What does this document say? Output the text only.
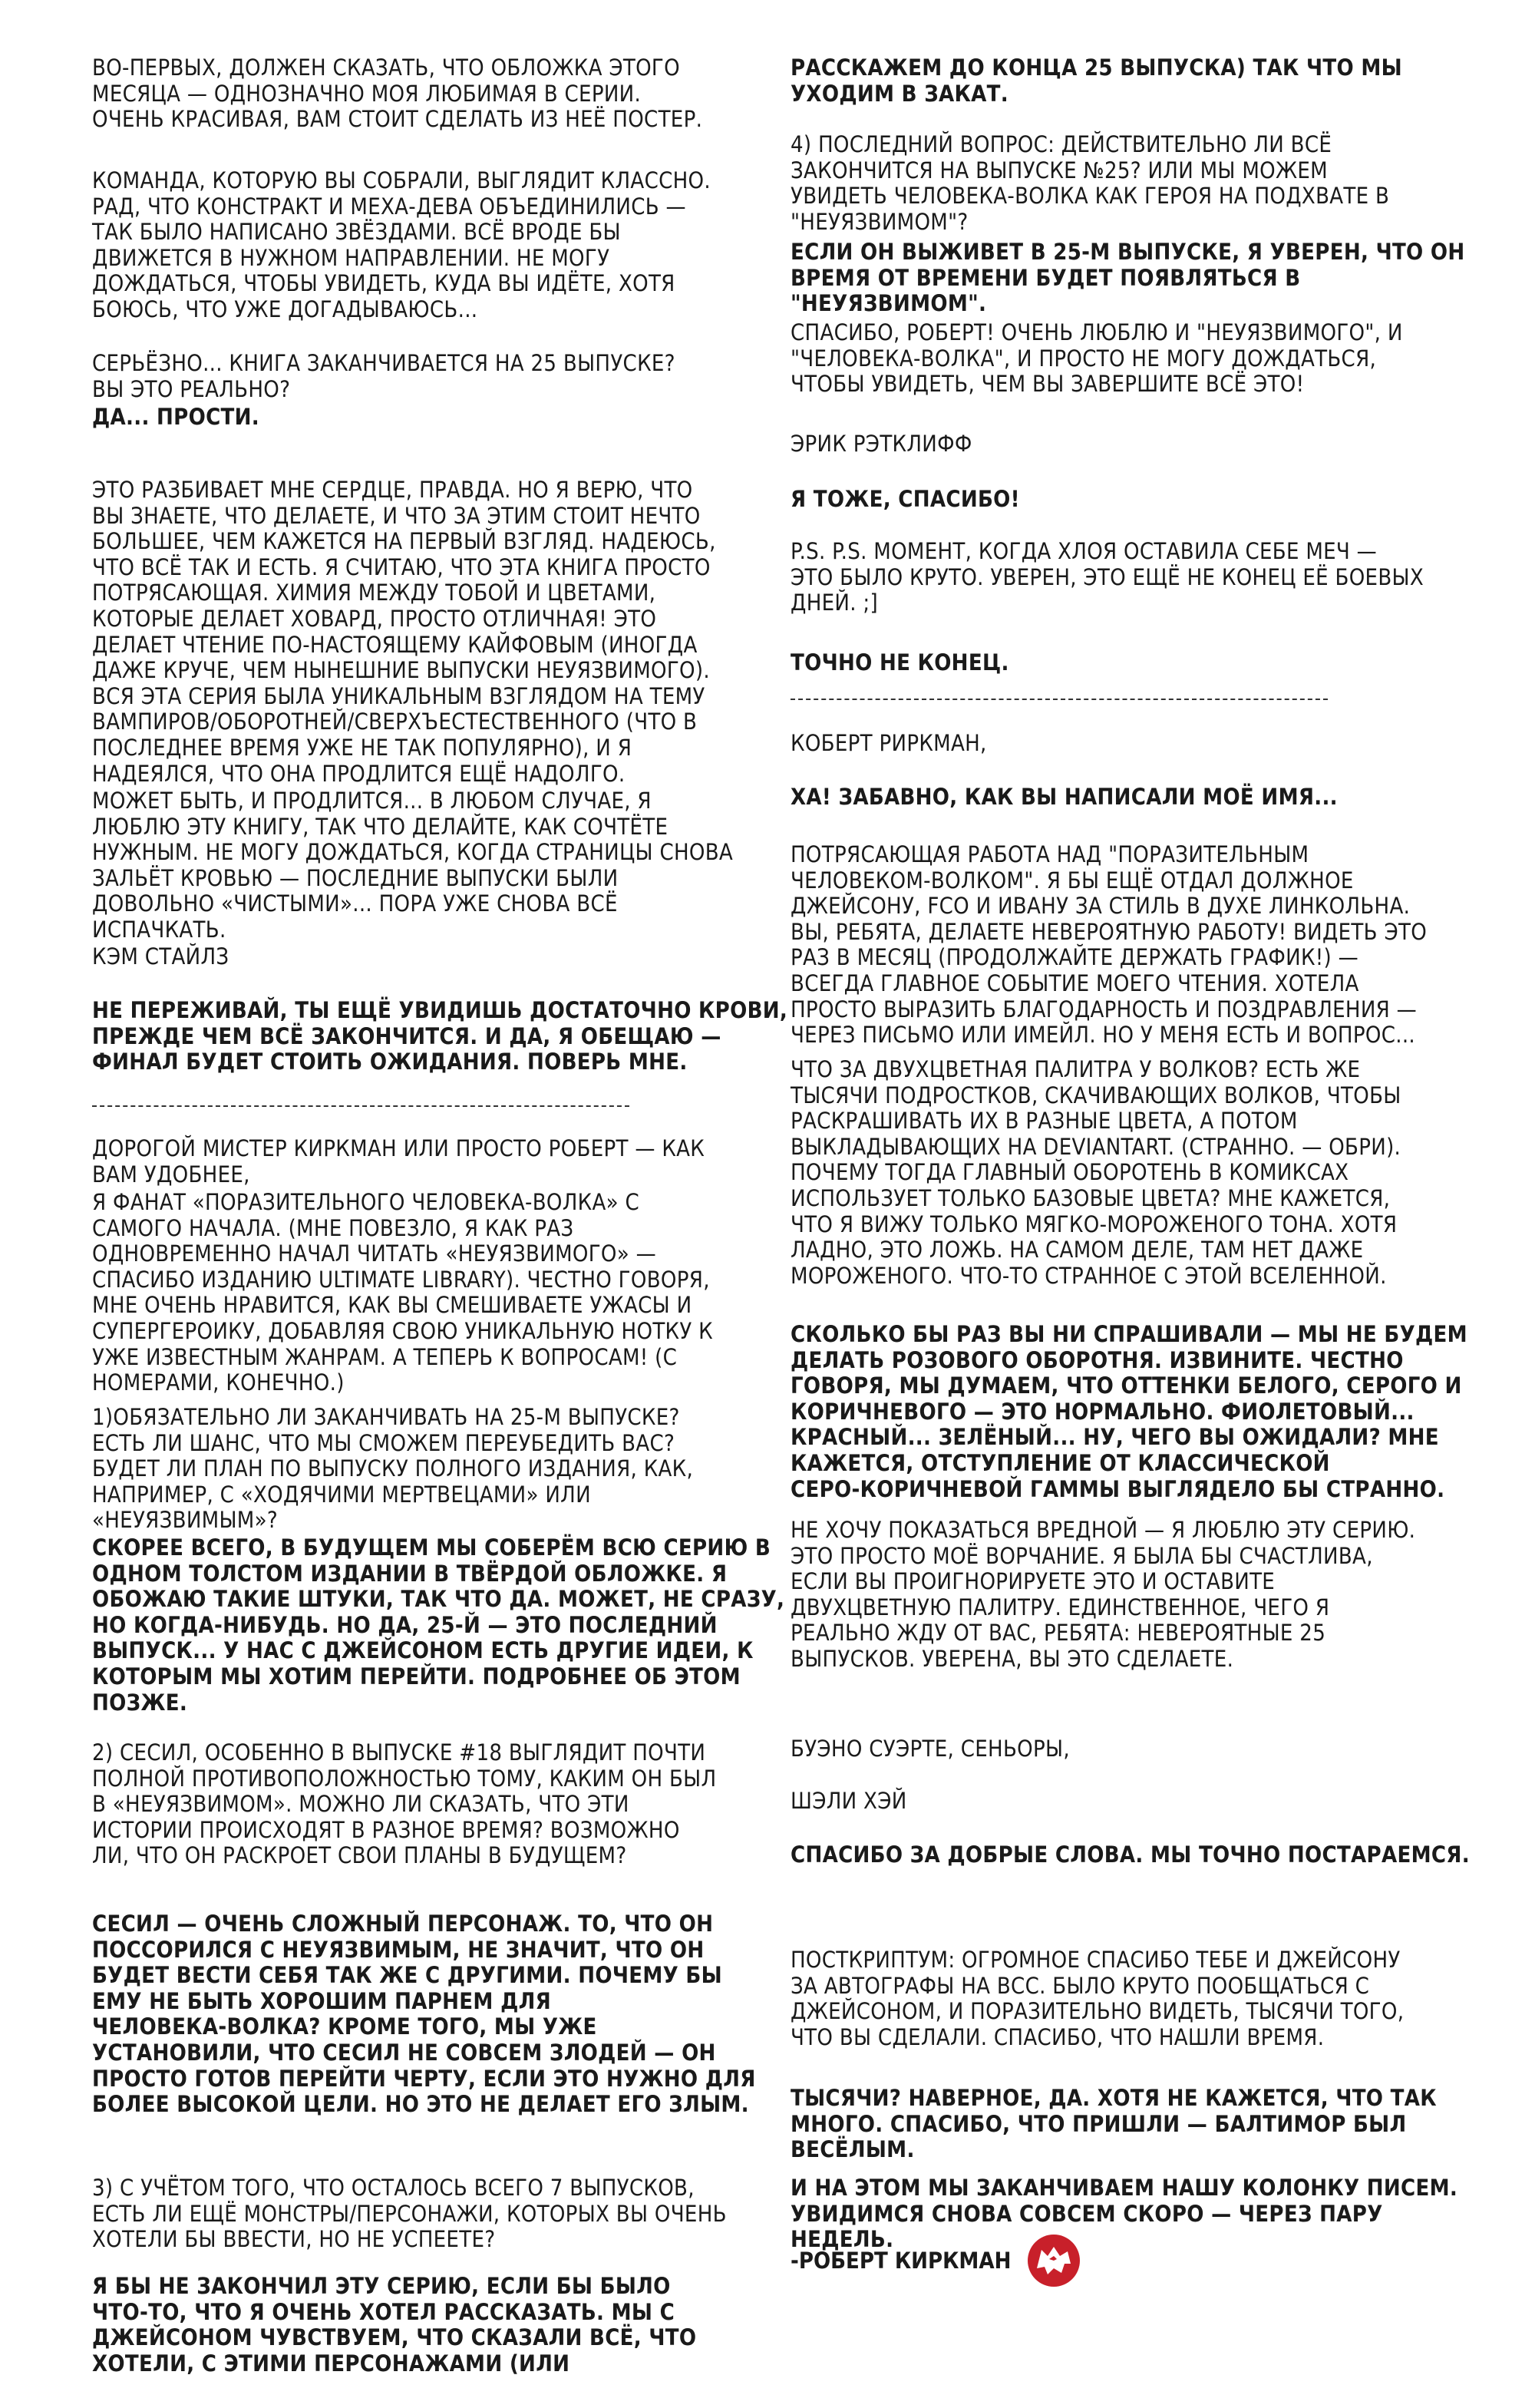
ВО-ПЕРВЫХ, ДОЛЖЕН СКАЗАТЬ, ЧТО ОБЛОЖКА ЭТОГО
МЕСЯЦА — ОДНОЗНАЧНО МОЯ ЛЮБИМАЯ В СЕРИИ.
ОЧЕНЬ КРАСИВАЯ, ВАМ СТОИТ СДЕЛАТЬ ИЗ НЕЁ ПОСТЕР.

КОМАНДА, КОТОРУЮ ВЫ СОБРАЛИ, ВЫГЛЯДИТ КЛАССНО.
РАД, ЧТО КОНСТРАКТ И МЕХА-ДЕВА ОБЪЕДИНИЛИСЬ —
ТАК БЫЛО НАПИСАНО ЗВЁЗДАМИ. ВСЁ ВРОДЕ БЫ
ДВИЖЕТСЯ В НУЖНОМ НАПРАВЛЕНИИ. НЕ МОГУ
ДОЖДАТЬСЯ, ЧТОБЫ УВИДЕТЬ, КУДА ВЫ ИДЁТЕ, ХОТЯ
БОЮСЬ, ЧТО УЖЕ ДОГАДЫВАЮСЬ...

СЕРЬЁЗНО... КНИГА ЗАКАНЧИВАЕТСЯ НА 25 ВЫПУСКЕ?
ВЫ ЭТО РЕАЛЬНО?

ДА... ПРОСТИ.

ЭТО РАЗБИВАЕТ МНЕ СЕРДЦЕ, ПРАВДА. НО Я ВЕРЮ, ЧТО
ВЫ ЗНАЕТЕ, ЧТО ДЕЛАЕТЕ, И ЧТО ЗА ЭТИМ СТОИТ НЕЧТО
БОЛЬШЕЕ, ЧЕМ КАЖЕТСЯ НА ПЕРВЫЙ ВЗГЛЯД. НАДЕЮСЬ,
ЧТО ВСЁ ТАК И ЕСТЬ. Я СЧИТАЮ, ЧТО ЭТА КНИГА ПРОСТО
ПОТРЯСАЮЩАЯ. ХИМИЯ МЕЖДУ ТОБОЙ И ЦВЕТАМИ,
КОТОРЫЕ ДЕЛАЕТ ХОВАРД, ПРОСТО ОТЛИЧНАЯ! ЭТО
ДЕЛАЕТ ЧТЕНИЕ ПО-НАСТОЯЩЕМУ КАЙФОВЫМ (ИНОГДА
ДАЖЕ КРУЧЕ, ЧЕМ НЫНЕШНИЕ ВЫПУСКИ НЕУЯЗВИМОГО).
ВСЯ ЭТА СЕРИЯ БЫЛА УНИКАЛЬНЫМ ВЗГЛЯДОМ НА ТЕМУ
ВАМПИРОВ/ОБОРОТНЕЙ/СВЕРХЪЕСТЕСТВЕННОГО (ЧТО В
ПОСЛЕДНЕЕ ВРЕМЯ УЖЕ НЕ ТАК ПОПУЛЯРНО), И Я
НАДЕЯЛСЯ, ЧТО ОНА ПРОДЛИТСЯ ЕЩЁ НАДОЛГО.

МОЖЕТ БЫТЬ, И ПРОДЛИТСЯ... В ЛЮБОМ СЛУЧАЕ, Я
ЛЮБЛЮ ЭТУ КНИГУ, ТАК ЧТО ДЕЛАЙТЕ, КАК СОЧТЁТЕ
НУЖНЫМ. НЕ МОГУ ДОЖДАТЬСЯ, КОГДА СТРАНИЦЫ СНОВА
ЗАЛЬЁТ КРОВЬЮ — ПОСЛЕДНИЕ ВЫПУСКИ БЫЛИ
ДОВОЛЬНО «ЧИСТЫМИ»... ПОРА УЖЕ СНОВА ВСЁ
ИСПАЧКАТЬ.

КЭМ СТАЙЛЗ

НЕ ПЕРЕЖИВАЙ, ТЫ ЕЩЁ УВИДИШЬ ДОСТАТОЧНО КРОВИ,
ПРЕЖДЕ ЧЕМ ВСЁ ЗАКОНЧИТСЯ. И ДА, Я ОБЕЩАЮ —
ФИНАЛ БУДЕТ СТОИТЬ ОЖИДАНИЯ. ПОВЕРЬ МНЕ.

ДОРОГОЙ МИСТЕР КИРКМАН ИЛИ ПРОСТО РОБЕРТ — КАК
ВАМ УДОБНЕЕ,

Я ФАНАТ «ПОРАЗИТЕЛЬНОГО ЧЕЛОВЕКА-ВОЛКА» С
САМОГО НАЧАЛА. (МНЕ ПОВЕЗЛО, Я КАК РАЗ
ОДНОВРЕМЕННО НАЧАЛ ЧИТАТЬ «НЕУЯЗВИМОГО» —
СПАСИБО ИЗДАНИЮ ULTIMATE LIBRARY). ЧЕСТНО ГОВОРЯ,
МНЕ ОЧЕНЬ НРАВИТСЯ, КАК ВЫ СМЕШИВАЕТЕ УЖАСЫ И
СУПЕРГЕРОИКУ, ДОБАВЛЯЯ СВОЮ УНИКАЛЬНУЮ НОТКУ К
УЖЕ ИЗВЕСТНЫМ ЖАНРАМ. А ТЕПЕРЬ К ВОПРОСАМ! (С
НОМЕРАМИ, КОНЕЧНО.)

1)ОБЯЗАТЕЛЬНО ЛИ ЗАКАНЧИВАТЬ НА 25-М ВЫПУСКЕ?
ЕСТЬ ЛИ ШАНС, ЧТО МЫ СМОЖЕМ ПЕРЕУБЕДИТЬ ВАС?
БУДЕТ ЛИ ПЛАН ПО ВЫПУСКУ ПОЛНОГО ИЗДАНИЯ, КАК,
НАПРИМЕР, С «ХОДЯЧИМИ МЕРТВЕЦАМИ» ИЛИ
«НЕУЯЗВИМЫМ»?

СКОРЕЕ ВСЕГО, В БУДУЩЕМ МЫ СОБЕРЁМ ВСЮ СЕРИЮ В
ОДНОМ ТОЛСТОМ ИЗДАНИИ В ТВЁРДОЙ ОБЛОЖКЕ. Я
ОБОЖАЮ ТАКИЕ ШТУКИ, ТАК ЧТО ДА. МОЖЕТ, НЕ СРАЗУ,
НО КОГДА-НИБУДЬ. НО ДА, 25-Й — ЭТО ПОСЛЕДНИЙ
ВЫПУСК... У НАС С ДЖЕЙСОНОМ ЕСТЬ ДРУГИЕ ИДЕИ, К
КОТОРЫМ МЫ ХОТИМ ПЕРЕЙТИ. ПОДРОБНЕЕ ОБ ЭТОМ
ПОЗЖЕ.

2) СЕСИЛ, ОСОБЕННО В ВЫПУСКЕ #18 ВЫГЛЯДИТ ПОЧТИ
ПОЛНОЙ ПРОТИВОПОЛОЖНОСТЬЮ ТОМУ, КАКИМ ОН БЫЛ
В «НЕУЯЗВИМОМ». МОЖНО ЛИ СКАЗАТЬ, ЧТО ЭТИ
ИСТОРИИ ПРОИСХОДЯТ В РАЗНОЕ ВРЕМЯ? ВОЗМОЖНО
ЛИ, ЧТО ОН РАСКРОЕТ СВОИ ПЛАНЫ В БУДУЩЕМ?

СЕСИЛ — ОЧЕНЬ СЛОЖНЫЙ ПЕРСОНАЖ. ТО, ЧТО ОН
ПОССОРИЛСЯ С НЕУЯЗВИМЫМ, НЕ ЗНАЧИТ, ЧТО ОН
БУДЕТ ВЕСТИ СЕБЯ ТАК ЖЕ С ДРУГИМИ. ПОЧЕМУ БЫ
ЕМУ НЕ БЫТЬ ХОРОШИМ ПАРНЕМ ДЛЯ
ЧЕЛОВЕКА-ВОЛКА? КРОМЕ ТОГО, МЫ УЖЕ
УСТАНОВИЛИ, ЧТО СЕСИЛ НЕ СОВСЕМ ЗЛОДЕЙ — ОН
ПРОСТО ГОТОВ ПЕРЕЙТИ ЧЕРТУ, ЕСЛИ ЭТО НУЖНО ДЛЯ
БОЛЕЕ ВЫСОКОЙ ЦЕЛИ. НО ЭТО НЕ ДЕЛАЕТ ЕГО ЗЛЫМ.

3) С УЧЁТОМ ТОГО, ЧТО ОСТАЛОСЬ ВСЕГО 7 ВЫПУСКОВ,
ЕСТЬ ЛИ ЕЩЁ МОНСТРЫ/ПЕРСОНАЖИ, КОТОРЫХ ВЫ ОЧЕНЬ
ХОТЕЛИ БЫ ВВЕСТИ, НО НЕ УСПЕЕТЕ?

Я БЫ НЕ ЗАКОНЧИЛ ЭТУ СЕРИЮ, ЕСЛИ БЫ БЫЛО
ЧТО-ТО, ЧТО Я ОЧЕНЬ ХОТЕЛ РАССКАЗАТЬ. МЫ С
ДЖЕЙСОНОМ ЧУВСТВУЕМ, ЧТО СКАЗАЛИ ВСЁ, ЧТО
ХОТЕЛИ, С ЭТИМИ ПЕРСОНАЖАМИ (ИЛИ

РАССКАЖЕМ ДО КОНЦА 25 ВЫПУСКА) ТАК ЧТО МЫ
УХОДИМ В ЗАКАТ.

4) ПОСЛЕДНИЙ ВОПРОС: ДЕЙСТВИТЕЛЬНО ЛИ ВСЁ
ЗАКОНЧИТСЯ НА ВЫПУСКЕ №25? ИЛИ МЫ МОЖЕМ
УВИДЕТЬ ЧЕЛОВЕКА-ВОЛКА КАК ГЕРОЯ НА ПОДХВАТЕ В
"НЕУЯЗВИМОМ"?

ЕСЛИ ОН ВЫЖИВЕТ В 25-М ВЫПУСКЕ, Я УВЕРЕН, ЧТО ОН
ВРЕМЯ ОТ ВРЕМЕНИ БУДЕТ ПОЯВЛЯТЬСЯ В
"НЕУЯЗВИМОМ".

СПАСИБО, РОБЕРТ! ОЧЕНЬ ЛЮБЛЮ И "НЕУЯЗВИМОГО", И
"ЧЕЛОВЕКА-ВОЛКА", И ПРОСТО НЕ МОГУ ДОЖДАТЬСЯ,
ЧТОБЫ УВИДЕТЬ, ЧЕМ ВЫ ЗАВЕРШИТЕ ВСЁ ЭТО!

ЭРИК РЭТКЛИФФ

Я ТОЖЕ, СПАСИБО!

P.S. P.S. МОМЕНТ, КОГДА ХЛОЯ ОСТАВИЛА СЕБЕ МЕЧ —
ЭТО БЫЛО КРУТО. УВЕРЕН, ЭТО ЕЩЁ НЕ КОНЕЦ ЕЁ БОЕВЫХ
ДНЕЙ. ;]

ТОЧНО НЕ КОНЕЦ.

КОБЕРТ РИРКМАН,

ХА! ЗАБАВНО, КАК ВЫ НАПИСАЛИ МОЁ ИМЯ...

ПОТРЯСАЮЩАЯ РАБОТА НАД "ПОРАЗИТЕЛЬНЫМ
ЧЕЛОВЕКОМ-ВОЛКОМ". Я БЫ ЕЩЁ ОТДАЛ ДОЛЖНОЕ
ДЖЕЙСОНУ, FCO И ИВАНУ ЗА СТИЛЬ В ДУХЕ ЛИНКОЛЬНА.
ВЫ, РЕБЯТА, ДЕЛАЕТЕ НЕВЕРОЯТНУЮ РАБОТУ! ВИДЕТЬ ЭТО
РАЗ В МЕСЯЦ (ПРОДОЛЖАЙТЕ ДЕРЖАТЬ ГРАФИК!) —
ВСЕГДА ГЛАВНОЕ СОБЫТИЕ МОЕГО ЧТЕНИЯ. ХОТЕЛА
ПРОСТО ВЫРАЗИТЬ БЛАГОДАРНОСТЬ И ПОЗДРАВЛЕНИЯ —
ЧЕРЕЗ ПИСЬМО ИЛИ ИМЕЙЛ. НО У МЕНЯ ЕСТЬ И ВОПРОС...

ЧТО ЗА ДВУХЦВЕТНАЯ ПАЛИТРА У ВОЛКОВ? ЕСТЬ ЖЕ
ТЫСЯЧИ ПОДРОСТКОВ, СКАЧИВАЮЩИХ ВОЛКОВ, ЧТОБЫ
РАСКРАШИВАТЬ ИХ В РАЗНЫЕ ЦВЕТА, А ПОТОМ
ВЫКЛАДЫВАЮЩИХ НА DEVIANTART. (СТРАННО. — ОБРИ).
ПОЧЕМУ ТОГДА ГЛАВНЫЙ ОБОРОТЕНЬ В КОМИКСАХ
ИСПОЛЬЗУЕТ ТОЛЬКО БАЗОВЫЕ ЦВЕТА? МНЕ КАЖЕТСЯ,
ЧТО Я ВИЖУ ТОЛЬКО МЯГКО-МОРОЖЕНОГО ТОНА. ХОТЯ
ЛАДНО, ЭТО ЛОЖЬ. НА САМОМ ДЕЛЕ, ТАМ НЕТ ДАЖЕ
МОРОЖЕНОГО. ЧТО-ТО СТРАННОЕ С ЭТОЙ ВСЕЛЕННОЙ.

СКОЛЬКО БЫ РАЗ ВЫ НИ СПРАШИВАЛИ — МЫ НЕ БУДЕМ
ДЕЛАТЬ РОЗОВОГО ОБОРОТНЯ. ИЗВИНИТЕ. ЧЕСТНО
ГОВОРЯ, МЫ ДУМАЕМ, ЧТО ОТТЕНКИ БЕЛОГО, СЕРОГО И
КОРИЧНЕВОГО — ЭТО НОРМАЛЬНО. ФИОЛЕТОВЫЙ...
КРАСНЫЙ... ЗЕЛЁНЫЙ... НУ, ЧЕГО ВЫ ОЖИДАЛИ? МНЕ
КАЖЕТСЯ, ОТСТУПЛЕНИЕ ОТ КЛАССИЧЕСКОЙ
СЕРО-КОРИЧНЕВОЙ ГАММЫ ВЫГЛЯДЕЛО БЫ СТРАННО.

НЕ ХОЧУ ПОКАЗАТЬСЯ ВРЕДНОЙ — Я ЛЮБЛЮ ЭТУ СЕРИЮ.
ЭТО ПРОСТО МОЁ ВОРЧАНИЕ. Я БЫЛА БЫ СЧАСТЛИВА,
ЕСЛИ ВЫ ПРОИГНОРИРУЕТЕ ЭТО И ОСТАВИТЕ
ДВУХЦВЕТНУЮ ПАЛИТРУ. ЕДИНСТВЕННОЕ, ЧЕГО Я
РЕАЛЬНО ЖДУ ОТ ВАС, РЕБЯТА: НЕВЕРОЯТНЫЕ 25
ВЫПУСКОВ. УВЕРЕНА, ВЫ ЭТО СДЕЛАЕТЕ.

БУЭНО СУЭРТЕ, СЕНЬОРЫ,

ШЭЛИ ХЭЙ

СПАСИБО ЗА ДОБРЫЕ СЛОВА. МЫ ТОЧНО ПОСТАРАЕМСЯ.

ПОСТКРИПТУМ: ОГРОМНОЕ СПАСИБО ТЕБЕ И ДЖЕЙСОНУ
ЗА АВТОГРАФЫ НА ВСС. БЫЛО КРУТО ПООБЩАТЬСЯ С
ДЖЕЙСОНОМ, И ПОРАЗИТЕЛЬНО ВИДЕТЬ, ТЫСЯЧИ ТОГО,
ЧТО ВЫ СДЕЛАЛИ. СПАСИБО, ЧТО НАШЛИ ВРЕМЯ.

ТЫСЯЧИ? НАВЕРНОЕ, ДА. ХОТЯ НЕ КАЖЕТСЯ, ЧТО ТАК
МНОГО. СПАСИБО, ЧТО ПРИШЛИ — БАЛТИМОР БЫЛ
ВЕСЁЛЫМ.

И НА ЭТОМ МЫ ЗАКАНЧИВАЕМ НАШУ КОЛОНКУ ПИСЕМ.
УВИДИМСЯ СНОВА СОВСЕМ СКОРО — ЧЕРЕЗ ПАРУ
НЕДЕЛЬ.

-РОБЕРТ КИРКМАН
